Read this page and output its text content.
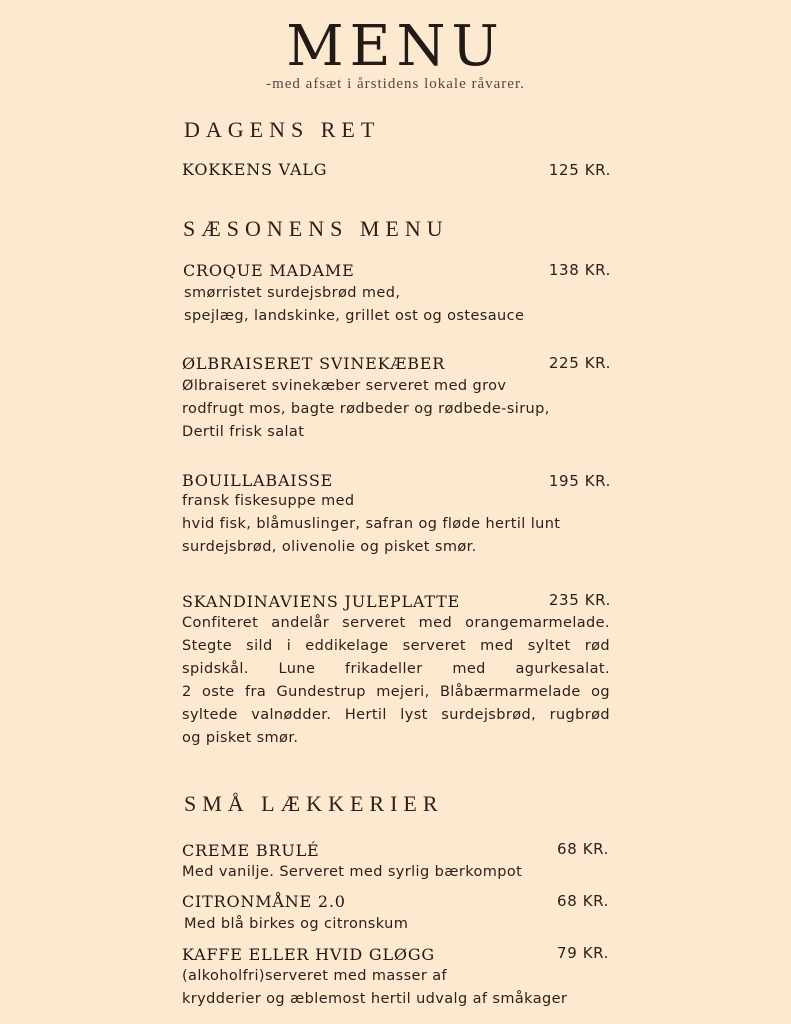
MENU
-med afsæt i årstidens lokale råvarer.
DAGENS RET
KOKKENS VALG	125 KR.
SÆSONENS MENU
CROQUE MADAME	138 KR.
smørristet surdejsbrød med,
spejlæg, landskinke, grillet ost og ostesauce
ØLBRAISERET SVINEKÆBER	225 KR.
Ølbraiseret svinekæber serveret med grov
rodfrugt mos, bagte rødbeder og rødbede-sirup,
Dertil frisk salat
BOUILLABAISSE	195 KR.
fransk fiskesuppe med
hvid fisk, blåmuslinger, safran og fløde hertil lunt
surdejsbrød, olivenolie og pisket smør.
SKANDINAVIENS JULEPLATTE	235 KR.
Confiteret andelår serveret med orangemarmelade.
Stegte sild i eddikelage serveret med syltet rød
spidskål. Lune frikadeller med agurkesalat.
2 oste fra Gundestrup mejeri, Blåbærmarmelade og
syltede valnødder. Hertil lyst surdejsbrød, rugbrød
og pisket smør.
SMÅ LÆKKERIER
CREME BRULÉ	68 KR.
Med vanilje. Serveret med syrlig bærkompot
CITRONMÅNE 2.0	68 KR.
Med blå birkes og citronskum
KAFFE ELLER HVID GLØGG	79 KR.
(alkoholfri)serveret med masser af
krydderier og æblemost hertil udvalg af småkager
